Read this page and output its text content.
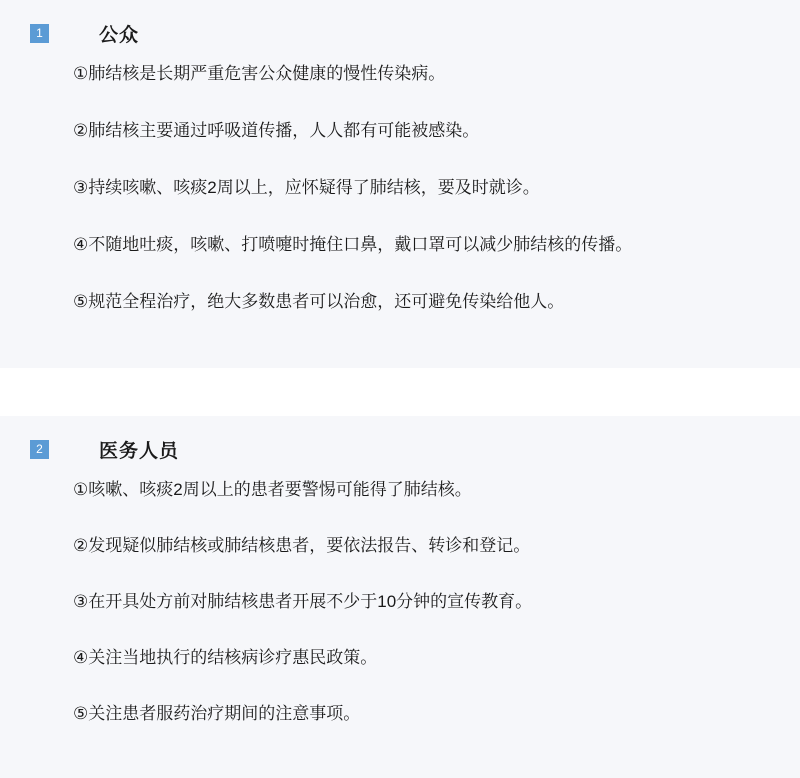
1	公众

①肺结核是长期严重危害公众健康的慢性传染病。

②肺结核主要通过呼吸道传播，人人都有可能被感染。

③持续咳嗽、咳痰2周以上，应怀疑得了肺结核，要及时就诊。

④不随地吐痰，咳嗽、打喷嚏时掩住口鼻，戴口罩可以减少肺结核的传播。

⑤规范全程治疗，绝大多数患者可以治愈，还可避免传染给他人。

2	医务人员

①咳嗽、咳痰2周以上的患者要警惕可能得了肺结核。

②发现疑似肺结核或肺结核患者，要依法报告、转诊和登记。

③在开具处方前对肺结核患者开展不少于10分钟的宣传教育。

④关注当地执行的结核病诊疗惠民政策。

⑤关注患者服药治疗期间的注意事项。
